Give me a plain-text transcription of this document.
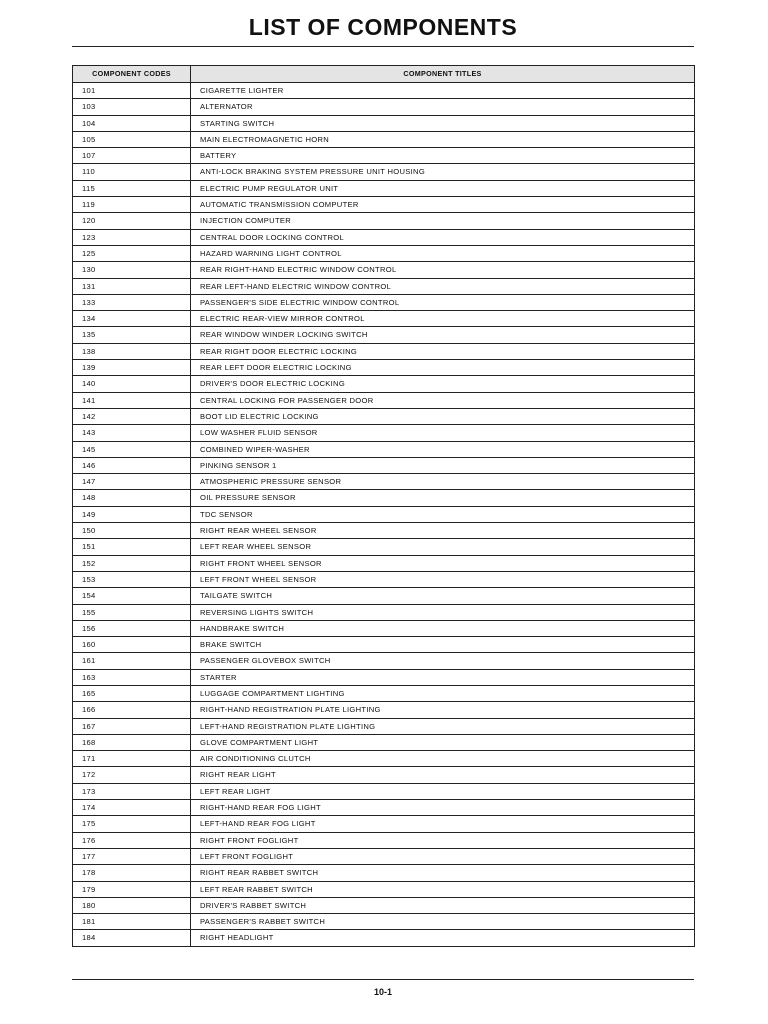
LIST OF COMPONENTS
COMPONENT CODES	COMPONENT TITLES
101	CIGARETTE LIGHTER
103	ALTERNATOR
104	STARTING SWITCH
105	MAIN ELECTROMAGNETIC HORN
107	BATTERY
110	ANTI-LOCK BRAKING SYSTEM PRESSURE UNIT HOUSING
115	ELECTRIC PUMP REGULATOR UNIT
119	AUTOMATIC TRANSMISSION COMPUTER
120	INJECTION COMPUTER
123	CENTRAL DOOR LOCKING CONTROL
125	HAZARD WARNING LIGHT CONTROL
130	REAR RIGHT-HAND ELECTRIC WINDOW CONTROL
131	REAR LEFT-HAND ELECTRIC WINDOW CONTROL
133	PASSENGER'S SIDE ELECTRIC WINDOW CONTROL
134	ELECTRIC REAR-VIEW MIRROR CONTROL
135	REAR WINDOW WINDER LOCKING SWITCH
138	REAR RIGHT DOOR ELECTRIC LOCKING
139	REAR LEFT DOOR ELECTRIC LOCKING
140	DRIVER'S DOOR ELECTRIC LOCKING
141	CENTRAL LOCKING FOR PASSENGER DOOR
142	BOOT LID ELECTRIC LOCKING
143	LOW WASHER FLUID SENSOR
145	COMBINED WIPER-WASHER
146	PINKING SENSOR 1
147	ATMOSPHERIC PRESSURE SENSOR
148	OIL PRESSURE SENSOR
149	TDC SENSOR
150	RIGHT REAR WHEEL SENSOR
151	LEFT REAR WHEEL SENSOR
152	RIGHT FRONT WHEEL SENSOR
153	LEFT FRONT WHEEL SENSOR
154	TAILGATE SWITCH
155	REVERSING LIGHTS SWITCH
156	HANDBRAKE SWITCH
160	BRAKE SWITCH
161	PASSENGER GLOVEBOX SWITCH
163	STARTER
165	LUGGAGE COMPARTMENT LIGHTING
166	RIGHT-HAND REGISTRATION PLATE LIGHTING
167	LEFT-HAND REGISTRATION PLATE LIGHTING
168	GLOVE COMPARTMENT LIGHT
171	AIR CONDITIONING CLUTCH
172	RIGHT REAR LIGHT
173	LEFT REAR LIGHT
174	RIGHT-HAND REAR FOG LIGHT
175	LEFT-HAND REAR FOG LIGHT
176	RIGHT FRONT FOGLIGHT
177	LEFT FRONT FOGLIGHT
178	RIGHT REAR RABBET SWITCH
179	LEFT REAR RABBET SWITCH
180	DRIVER'S RABBET SWITCH
181	PASSENGER'S RABBET SWITCH
184	RIGHT HEADLIGHT
10-1
